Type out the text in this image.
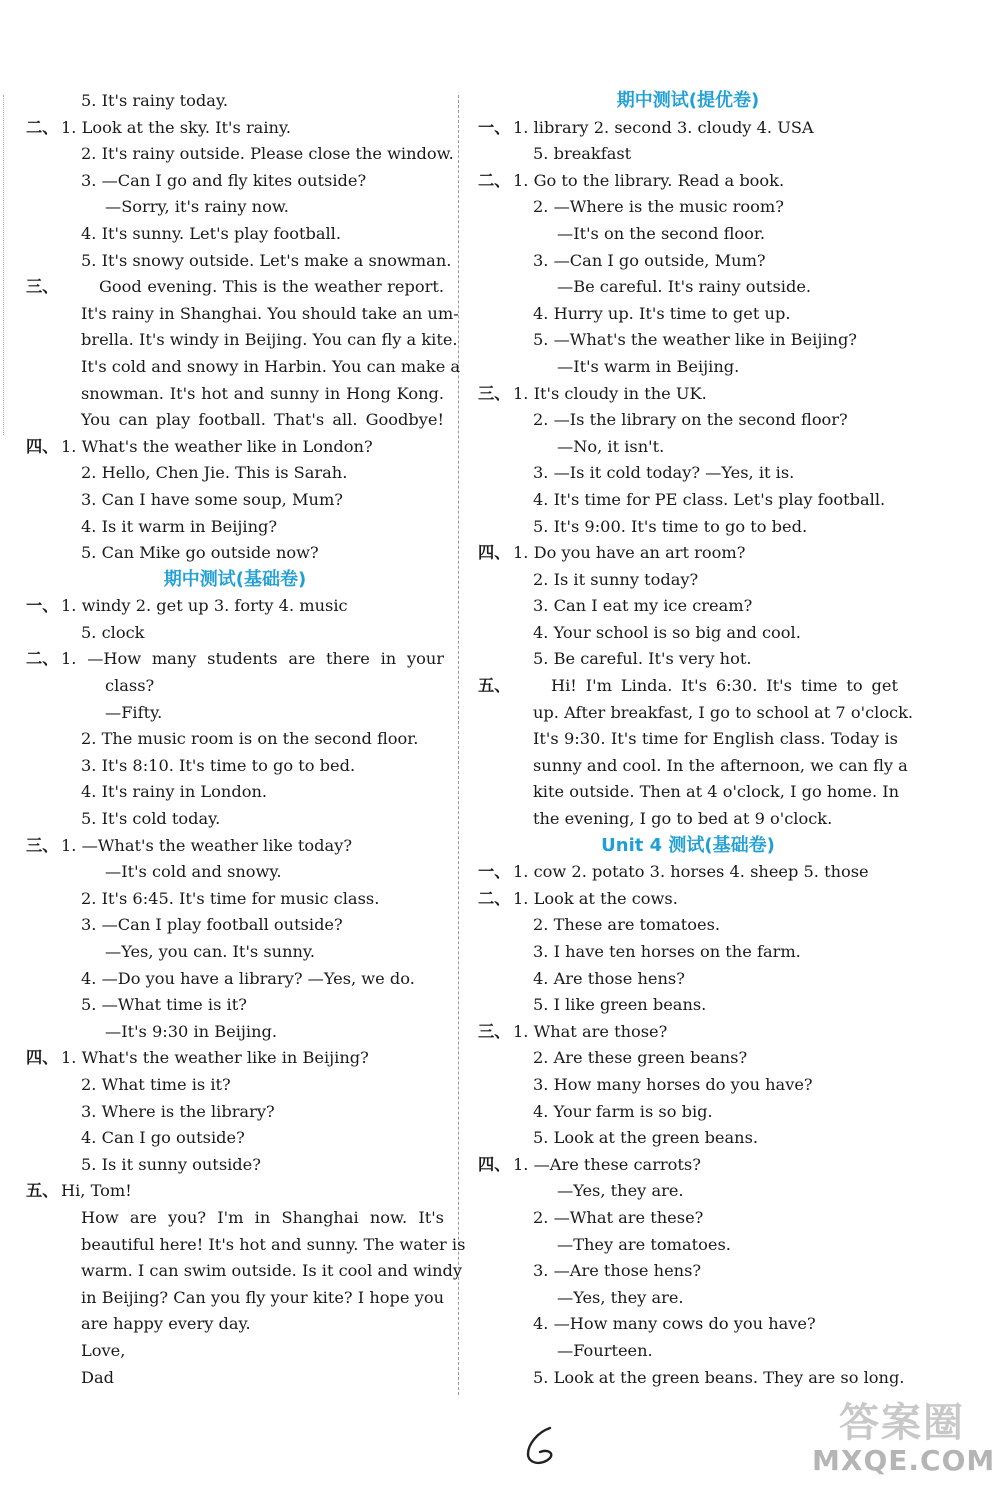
5. It's rainy today.
二、 1. Look at the sky. It's rainy.
2. It's rainy outside. Please close the window.
3. —Can I go and fly kites outside?
—Sorry, it's rainy now.
4. It's sunny. Let's play football.
5. It's snowy outside. Let's make a snowman.
三、	Good evening. This is the weather report.
It's rainy in Shanghai. You should take an um-
brella. It's windy in Beijing. You can fly a kite.
It's cold and snowy in Harbin. You can make a
snowman. It's hot and sunny in Hong Kong.
You can play football. That's all. Goodbye!
四、 1. What's the weather like in London?
2. Hello, Chen Jie. This is Sarah.
3. Can I have some soup, Mum?
4. Is it warm in Beijing?
5. Can Mike go outside now?
期中测试(基础卷)
一、 1. windy 2. get up 3. forty 4. music
5. clock
二、 1. —How many students are there in your
class?
—Fifty.
2. The music room is on the second floor.
3. It's 8:10. It's time to go to bed.
4. It's rainy in London.
5. It's cold today.
三、 1. —What's the weather like today?
—It's cold and snowy.
2. It's 6:45. It's time for music class.
3. —Can I play football outside?
—Yes, you can. It's sunny.
4. —Do you have a library? —Yes, we do.
5. —What time is it?
—It's 9:30 in Beijing.
四、 1. What's the weather like in Beijing?
2. What time is it?
3. Where is the library?
4. Can I go outside?
5. Is it sunny outside?
五、 Hi, Tom!
How are you? I'm in Shanghai now. It's
beautiful here! It's hot and sunny. The water is
warm. I can swim outside. Is it cool and windy
in Beijing? Can you fly your kite? I hope you
are happy every day.
Love,
Dad
期中测试(提优卷)
一、 1. library 2. second 3. cloudy 4. USA
5. breakfast
二、 1. Go to the library. Read a book.
2. —Where is the music room?
—It's on the second floor.
3. —Can I go outside, Mum?
—Be careful. It's rainy outside.
4. Hurry up. It's time to get up.
5. —What's the weather like in Beijing?
—It's warm in Beijing.
三、 1. It's cloudy in the UK.
2. —Is the library on the second floor?
—No, it isn't.
3. —Is it cold today? —Yes, it is.
4. It's time for PE class. Let's play football.
5. It's 9:00. It's time to go to bed.
四、 1. Do you have an art room?
2. Is it sunny today?
3. Can I eat my ice cream?
4. Your school is so big and cool.
5. Be careful. It's very hot.
五、	Hi! I'm Linda. It's 6:30. It's time to get
up. After breakfast, I go to school at 7 o'clock.
It's 9:30. It's time for English class. Today is
sunny and cool. In the afternoon, we can fly a
kite outside. Then at 4 o'clock, I go home. In
the evening, I go to bed at 9 o'clock.
Unit 4 测试(基础卷)
一、 1. cow 2. potato 3. horses 4. sheep 5. those
二、 1. Look at the cows.
2. These are tomatoes.
3. I have ten horses on the farm.
4. Are those hens?
5. I like green beans.
三、 1. What are those?
2. Are these green beans?
3. How many horses do you have?
4. Your farm is so big.
5. Look at the green beans.
四、 1. —Are these carrots?
—Yes, they are.
2. —What are these?
—They are tomatoes.
3. —Are those hens?
—Yes, they are.
4. —How many cows do you have?
—Fourteen.
5. Look at the green beans. They are so long.
答案圈
MXQE.COM
